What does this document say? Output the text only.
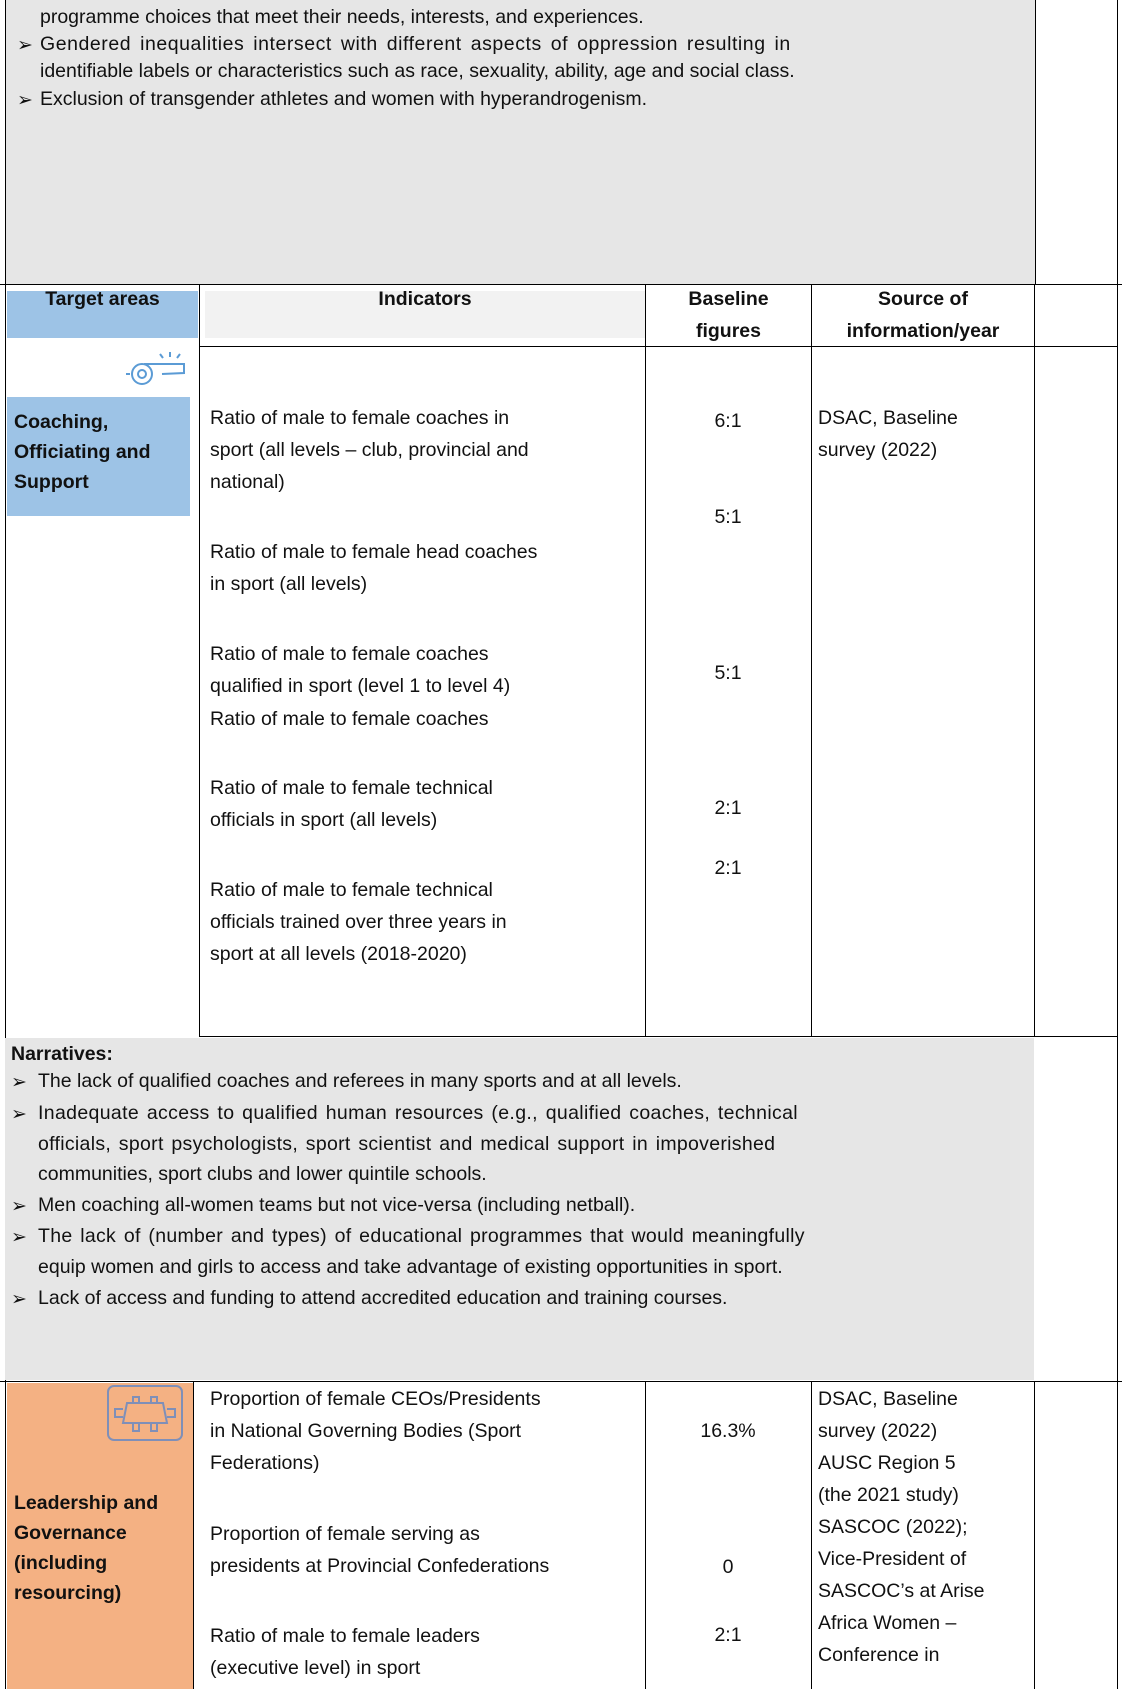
programme choices that meet their needs, interests, and experiences.
➢ Gendered inequalities intersect with different aspects of oppression resulting in
identifiable labels or characteristics such as race, sexuality, ability, age and social class.
➢ Exclusion of transgender athletes and women with hyperandrogenism.
Target areas	Indicators	Baseline
figures
Source of
information/year
Coaching,
Officiating and
Support
Ratio of male to female coaches in
sport (all levels – club, provincial and
national)
Ratio of male to female head coaches
in sport (all levels)
Ratio of male to female coaches
qualified in sport (level 1 to level 4)
Ratio of male to female coaches
Ratio of male to female technical
officials in sport (all levels)
Ratio of male to female technical
officials trained over three years in
sport at all levels (2018-2020)
6:1
5:1
5:1
2:1
2:1
DSAC, Baseline
survey (2022)
Narratives:
➢ The lack of qualified coaches and referees in many sports and at all levels.
➢ Inadequate access to qualified human resources (e.g., qualified coaches, technical
officials, sport psychologists, sport scientist and medical support in impoverished
communities, sport clubs and lower quintile schools.
➢ Men coaching all-women teams but not vice-versa (including netball).
➢ The lack of (number and types) of educational programmes that would meaningfully
equip women and girls to access and take advantage of existing opportunities in sport.
➢ Lack of access and funding to attend accredited education and training courses.
Leadership and
Governance
(including
resourcing)
Proportion of female CEOs/Presidents
in National Governing Bodies (Sport
Federations)
Proportion of female serving as
presidents at Provincial Confederations
Ratio of male to female leaders
(executive level) in sport
16.3%
0
2:1
DSAC, Baseline
survey (2022)
AUSC Region 5
(the 2021 study)
SASCOC (2022);
Vice-President of
SASCOC’s at Arise
Africa Women –
Conference in
